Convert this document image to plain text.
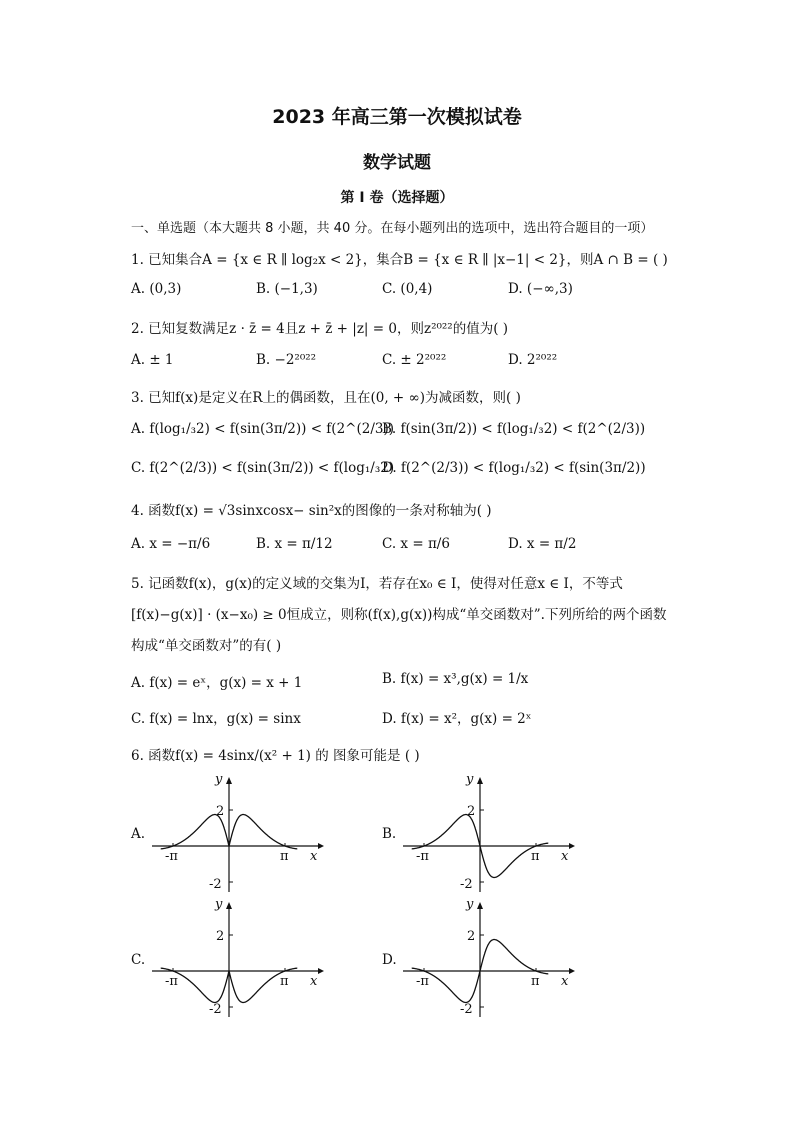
2023 年高三第一次模拟试卷
数学试题
第 I 卷（选择题）
一、单选题（本大题共 8 小题，共 40 分。在每小题列出的选项中，选出符合题目的一项）
1. 已知集合A = {x ∈ R ∥ log₂x < 2}，集合B = {x ∈ R ∥ |x−1| < 2}，则A ∩ B = ( )
A. (0,3)	B. (−1,3)	C. (0,4)	D. (−∞,3)
2. 已知复数满足z · z̄ = 4且z + z̄ + |z| = 0，则z²⁰²²的值为( )
A. ± 1	B. −2²⁰²²	C. ± 2²⁰²²	D. 2²⁰²²
3. 已知f(x)是定义在R上的偶函数，且在(0, + ∞)为减函数，则( )
A. f(log₁/₃2) < f(sin(3π/2)) < f(2^(2/3))
B. f(sin(3π/2)) < f(log₁/₃2) < f(2^(2/3))
C. f(2^(2/3)) < f(sin(3π/2)) < f(log₁/₃2)
D. f(2^(2/3)) < f(log₁/₃2) < f(sin(3π/2))
4. 函数f(x) = √3sinxcosx− sin²x的图像的一条对称轴为( )
A. x = −π/6	B. x = π/12	C. x = π/6	D. x = π/2
5. 记函数f(x)，g(x)的定义域的交集为I，若存在x₀ ∈ I，使得对任意x ∈ I，不等式
[f(x)−g(x)] · (x−x₀) ≥ 0恒成立，则称(f(x),g(x))构成“单交函数对”.下列所给的两个函数
构成“单交函数对”的有( )
A. f(x) = eˣ，g(x) = x + 1	B. f(x) = x³,g(x) = 1/x
C. f(x) = lnx，g(x) = sinx	D. f(x) = x²，g(x) = 2ˣ
6. 函数f(x) = 4sinx/(x² + 1) 的 图象可能是 ( )
A.	B.
C.	D.
y
x
2
-2
-π	π
y
x
2
-2
-π	π
y
x
2
-2
-π	π
y
x
2
-2
-π	π
